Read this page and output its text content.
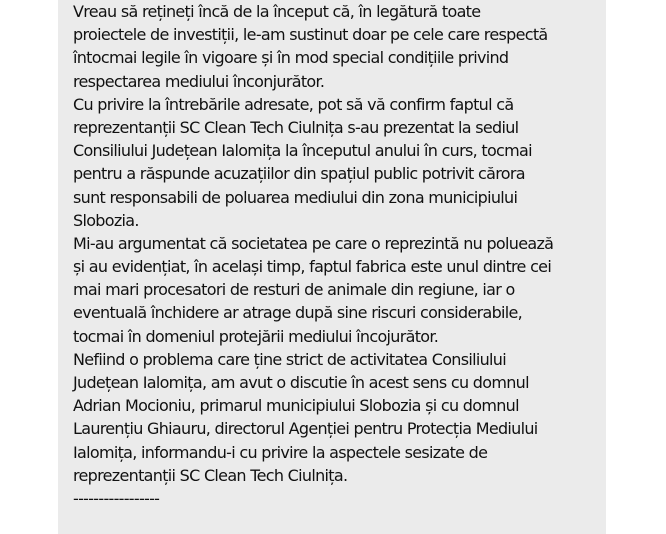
Vreau să rețineți încă de la început că, în legătură toate
proiectele de investiții, le-am sustinut doar pe cele care respectă
întocmai legile în vigoare și în mod special condițiile privind
respectarea mediului înconjurător.
Cu privire la întrebările adresate, pot să vă confirm faptul că
reprezentanții SC Clean Tech Ciulnița s-au prezentat la sediul
Consiliului Județean Ialomița la începutul anului în curs, tocmai
pentru a răspunde acuzațiilor din spațiul public potrivit cărora
sunt responsabili de poluarea mediului din zona municipiului
Slobozia.
Mi-au argumentat că societatea pe care o reprezintă nu poluează
și au evidențiat, în același timp, faptul fabrica este unul dintre cei
mai mari procesatori de resturi de animale din regiune, iar o
eventuală închidere ar atrage după sine riscuri considerabile,
tocmai în domeniul protejării mediului încojurător.
Nefiind o problema care ține strict de activitatea Consiliului
Județean Ialomița, am avut o discutie în acest sens cu domnul
Adrian Mocioniu, primarul municipiului Slobozia și cu domnul
Laurențiu Ghiauru, directorul Agenției pentru Protecția Mediului
Ialomița, informandu-i cu privire la aspectele sesizate de
reprezentanții SC Clean Tech Ciulnița.
-----------------
